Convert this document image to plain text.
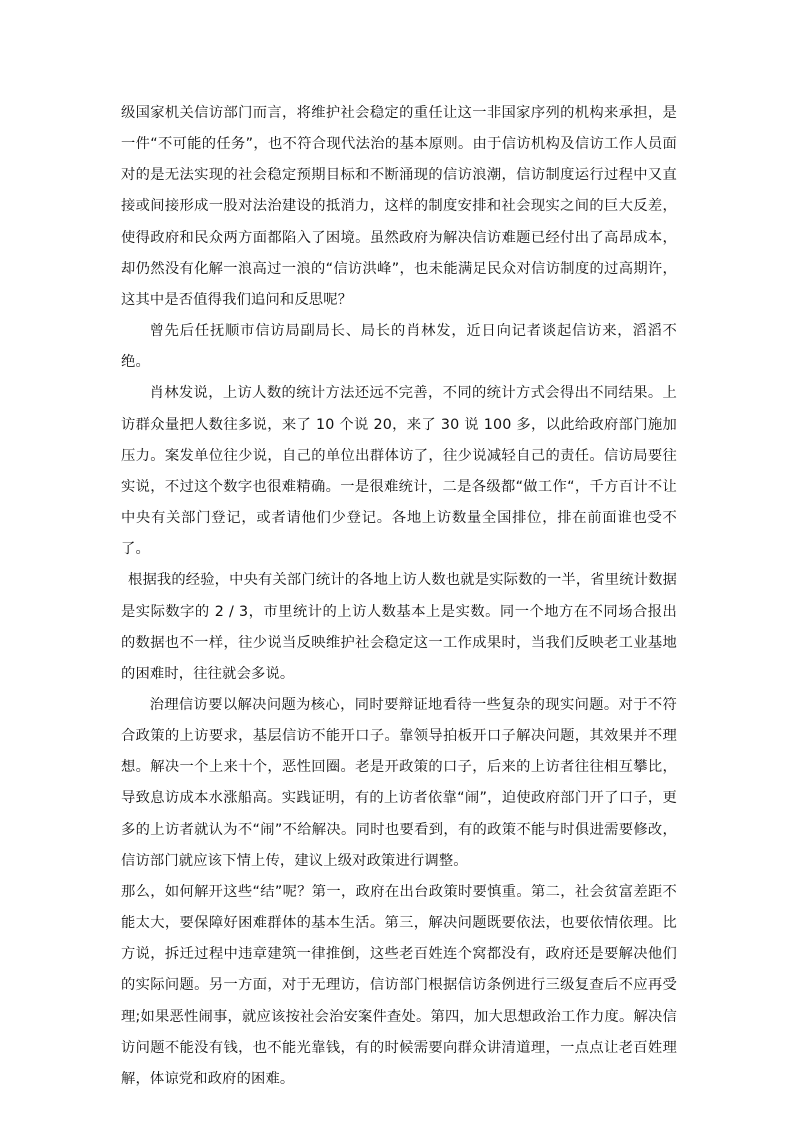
级国家机关信访部门而言，将维护社会稳定的重任让这一非国家序列的机构来承担，是一件“不可能的任务”，也不符合现代法治的基本原则。由于信访机构及信访工作人员面对的是无法实现的社会稳定预期目标和不断涌现的信访浪潮，信访制度运行过程中又直接或间接形成一股对法治建设的抵消力，这样的制度安排和社会现实之间的巨大反差，使得政府和民众两方面都陷入了困境。虽然政府为解决信访难题已经付出了高昂成本，却仍然没有化解一浪高过一浪的“信访洪峰”，也未能满足民众对信访制度的过高期许，这其中是否值得我们追问和反思呢？

曾先后任抚顺市信访局副局长、局长的肖林发，近日向记者谈起信访来，滔滔不绝。

肖林发说，上访人数的统计方法还远不完善，不同的统计方式会得出不同结果。上访群众量把人数往多说，来了 10 个说 20，来了 30 说 100 多，以此给政府部门施加压力。案发单位往少说，自己的单位出群体访了，往少说减轻自己的责任。信访局要往实说，不过这个数字也很难精确。一是很难统计，二是各级都“做工作“，千方百计不让中央有关部门登记，或者请他们少登记。各地上访数量全国排位，排在前面谁也受不了。

根据我的经验，中央有关部门统计的各地上访人数也就是实际数的一半，省里统计数据是实际数字的 2 / 3，市里统计的上访人数基本上是实数。同一个地方在不同场合报出的数据也不一样，往少说当反映维护社会稳定这一工作成果时，当我们反映老工业基地的困难时，往往就会多说。

治理信访要以解决问题为核心，同时要辩证地看待一些复杂的现实问题。对于不符合政策的上访要求，基层信访不能开口子。靠领导拍板开口子解决问题，其效果并不理想。解决一个上来十个，恶性回圈。老是开政策的口子，后来的上访者往往相互攀比，导致息访成本水涨船高。实践证明，有的上访者依靠“闹”，迫使政府部门开了口子，更多的上访者就认为不“闹”不给解决。同时也要看到，有的政策不能与时俱进需要修改，信访部门就应该下情上传，建议上级对政策进行调整。

那么，如何解开这些“结”呢？第一，政府在出台政策时要慎重。第二，社会贫富差距不能太大，要保障好困难群体的基本生活。第三，解决问题既要依法，也要依情依理。比方说，拆迁过程中违章建筑一律推倒，这些老百姓连个窝都没有，政府还是要解决他们的实际问题。另一方面，对于无理访，信访部门根据信访条例进行三级复查后不应再受理;如果恶性闹事，就应该按社会治安案件查处。第四，加大思想政治工作力度。解决信访问题不能没有钱，也不能光靠钱，有的时候需要向群众讲清道理，一点点让老百姓理解，体谅党和政府的困难。
